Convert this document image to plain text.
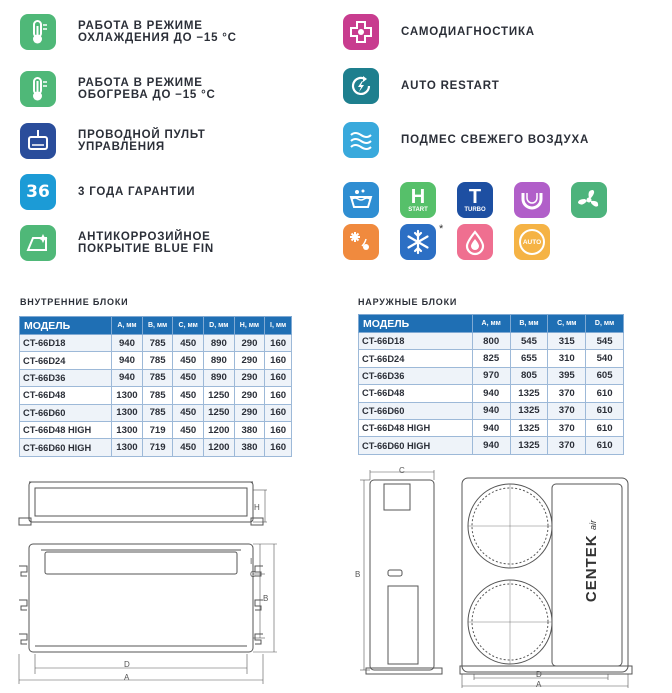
РАБОТА В РЕЖИМЕ
ОХЛАЖДЕНИЯ ДО −15 °С
РАБОТА В РЕЖИМЕ
ОБОГРЕВА ДО −15 °С
ПРОВОДНОЙ ПУЛЬТ
УПРАВЛЕНИЯ
36 3 ГОДА ГАРАНТИИ
АНТИКОРРОЗИЙНОЕ
ПОКРЫТИЕ BLUE FIN
САМОДИАГНОСТИКА
AUTO RESTART
ПОДМЕС СВЕЖЕГО ВОЗДУХА
H
START
T
TURBO
*
AUTO
ВНУТРЕННИЕ БЛОКИ	НАРУЖНЫЕ БЛОКИ
МОДЕЛЬ	A, мм	B, мм	C, мм	D, мм	H, мм	I, мм
CT-66D18	940	785	450	890	290	160
CT-66D24	940	785	450	890	290	160
CT-66D36	940	785	450	890	290	160
CT-66D48	1300	785	450	1250	290	160
CT-66D60	1300	785	450	1250	290	160
CT-66D48 HIGH	1300	719	450	1200	380	160
CT-66D60 HIGH	1300	719	450	1200	380	160
МОДЕЛЬ	A, мм	B, мм	C, мм	D, мм
CT-66D18	800	545	315	545
CT-66D24	825	655	310	540
CT-66D36	970	805	395	605
CT-66D48	940	1325	370	610
CT-66D60	940	1325	370	610
CT-66D48 HIGH	940	1325	370	610
CT-66D60 HIGH	940	1325	370	610
H
I
C
B
D
A
C
B
D
A
CENTEK air
